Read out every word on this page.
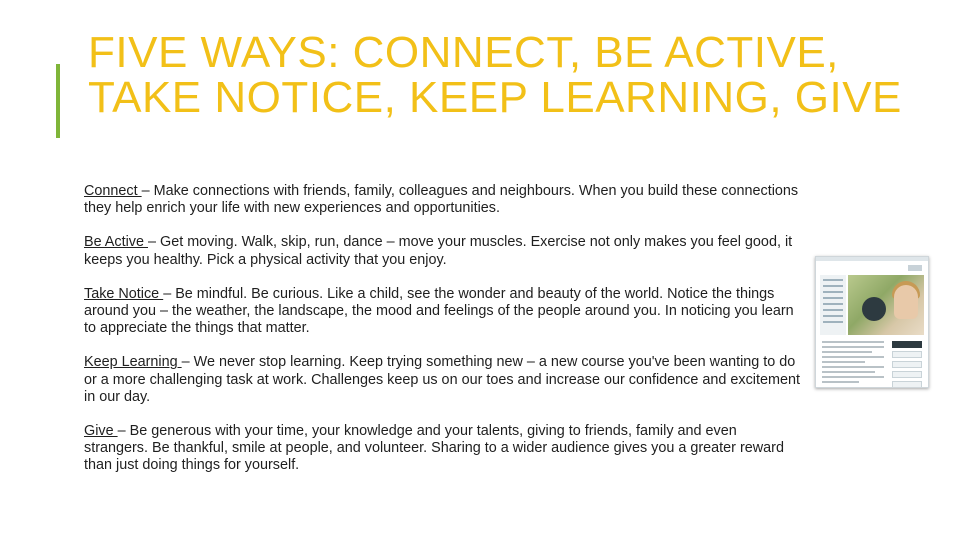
FIVE WAYS: CONNECT, BE ACTIVE, TAKE NOTICE, KEEP LEARNING, GIVE

Connect – Make connections with friends, family, colleagues and neighbours. When you build these connections they help enrich your life with new experiences and opportunities.

Be Active – Get moving. Walk, skip, run, dance – move your muscles. Exercise not only makes you feel good, it keeps you healthy. Pick a physical activity that you enjoy.

Take Notice – Be mindful. Be curious. Like a child, see the wonder and beauty of the world. Notice the things around you – the weather, the landscape, the mood and feelings of the people around you. In noticing you learn to appreciate the things that matter.

Keep Learning – We never stop learning. Keep trying something new – a new course you've been wanting to do or a more challenging task at work. Challenges keep us on our toes and increase our confidence and excitement in our day.

Give – Be generous with your time, your knowledge and your talents, giving to friends, family and even strangers. Be thankful, smile at people, and volunteer. Sharing to a wider audience gives you a greater reward than just doing things for yourself.
